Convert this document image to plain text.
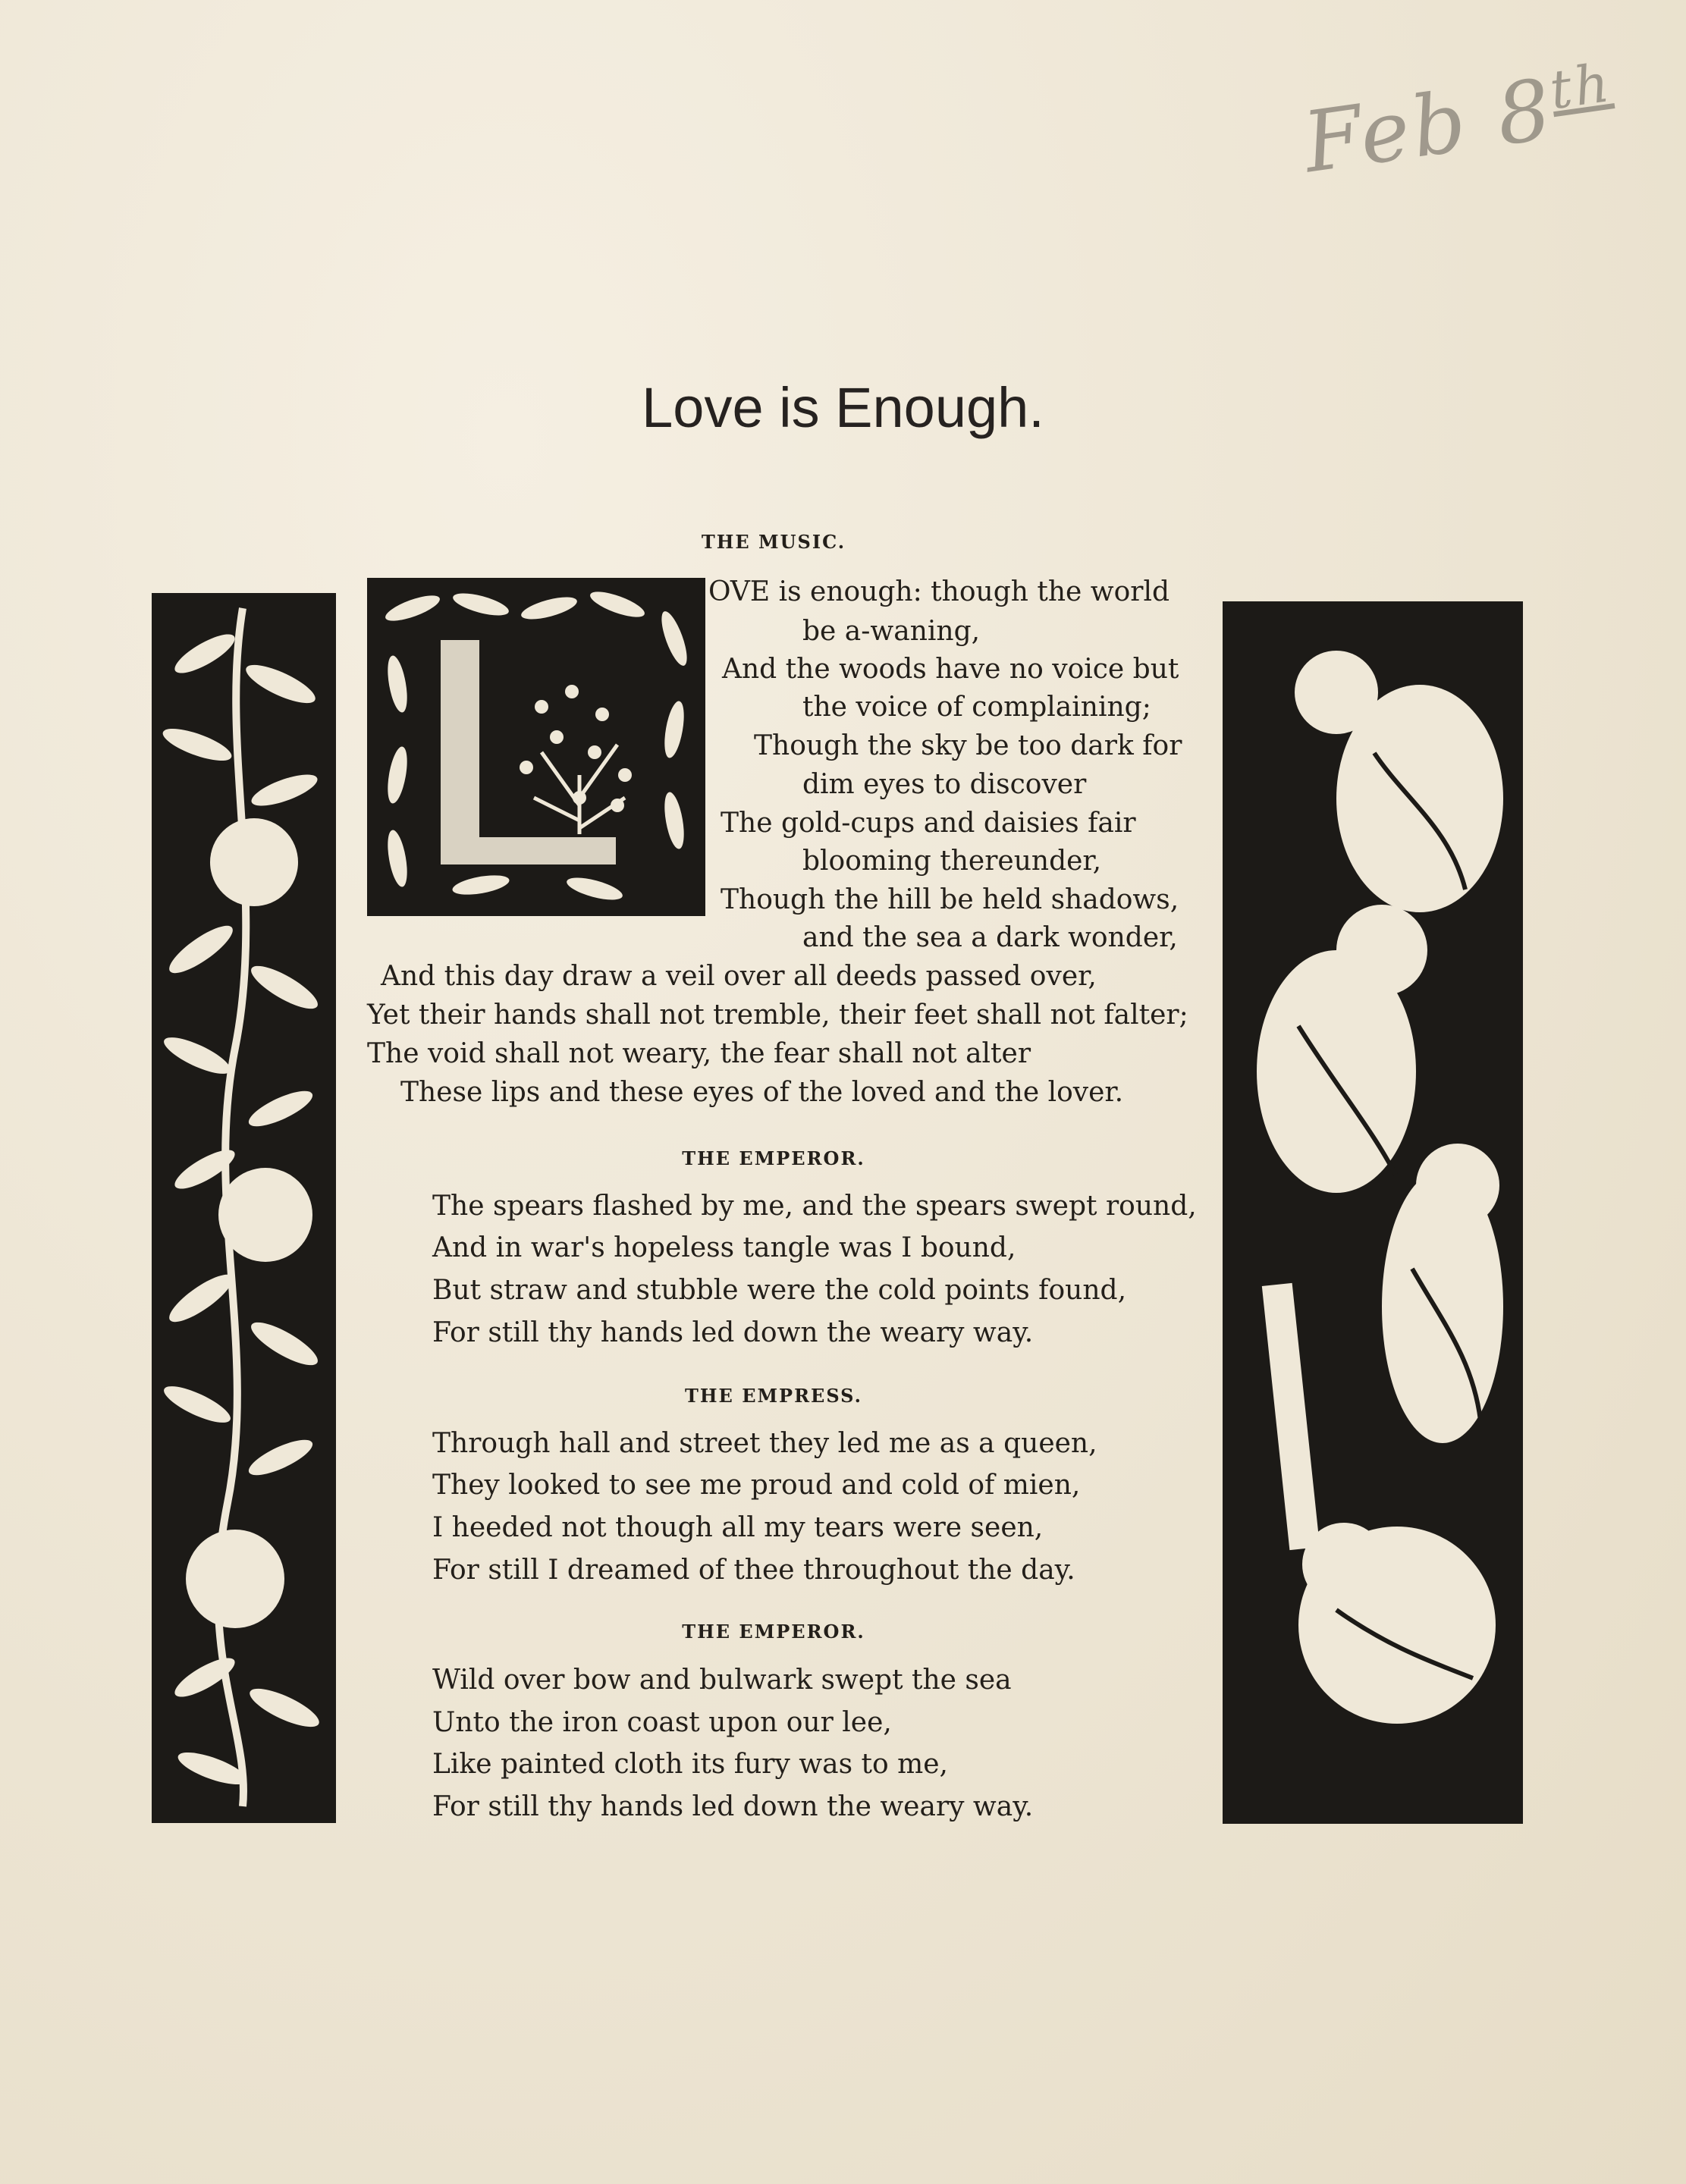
Feb 8th
Love is Enough.
THE MUSIC.
OVE is enough: though the world
be a-waning,
And the woods have no voice but
the voice of complaining;
Though the sky be too dark for
dim eyes to discover
The gold-cups and daisies fair
blooming thereunder,
Though the hill be held shadows,
and the sea a dark wonder,
And this day draw a veil over all deeds passed over,
Yet their hands shall not tremble, their feet shall not falter;
The void shall not weary, the fear shall not alter
These lips and these eyes of the loved and the lover.
THE EMPEROR.
The spears flashed by me, and the spears swept round,
And in war's hopeless tangle was I bound,
But straw and stubble were the cold points found,
For still thy hands led down the weary way.
THE EMPRESS.
Through hall and street they led me as a queen,
They looked to see me proud and cold of mien,
I heeded not though all my tears were seen,
For still I dreamed of thee throughout the day.
THE EMPEROR.
Wild over bow and bulwark swept the sea
Unto the iron coast upon our lee,
Like painted cloth its fury was to me,
For still thy hands led down the weary way.
